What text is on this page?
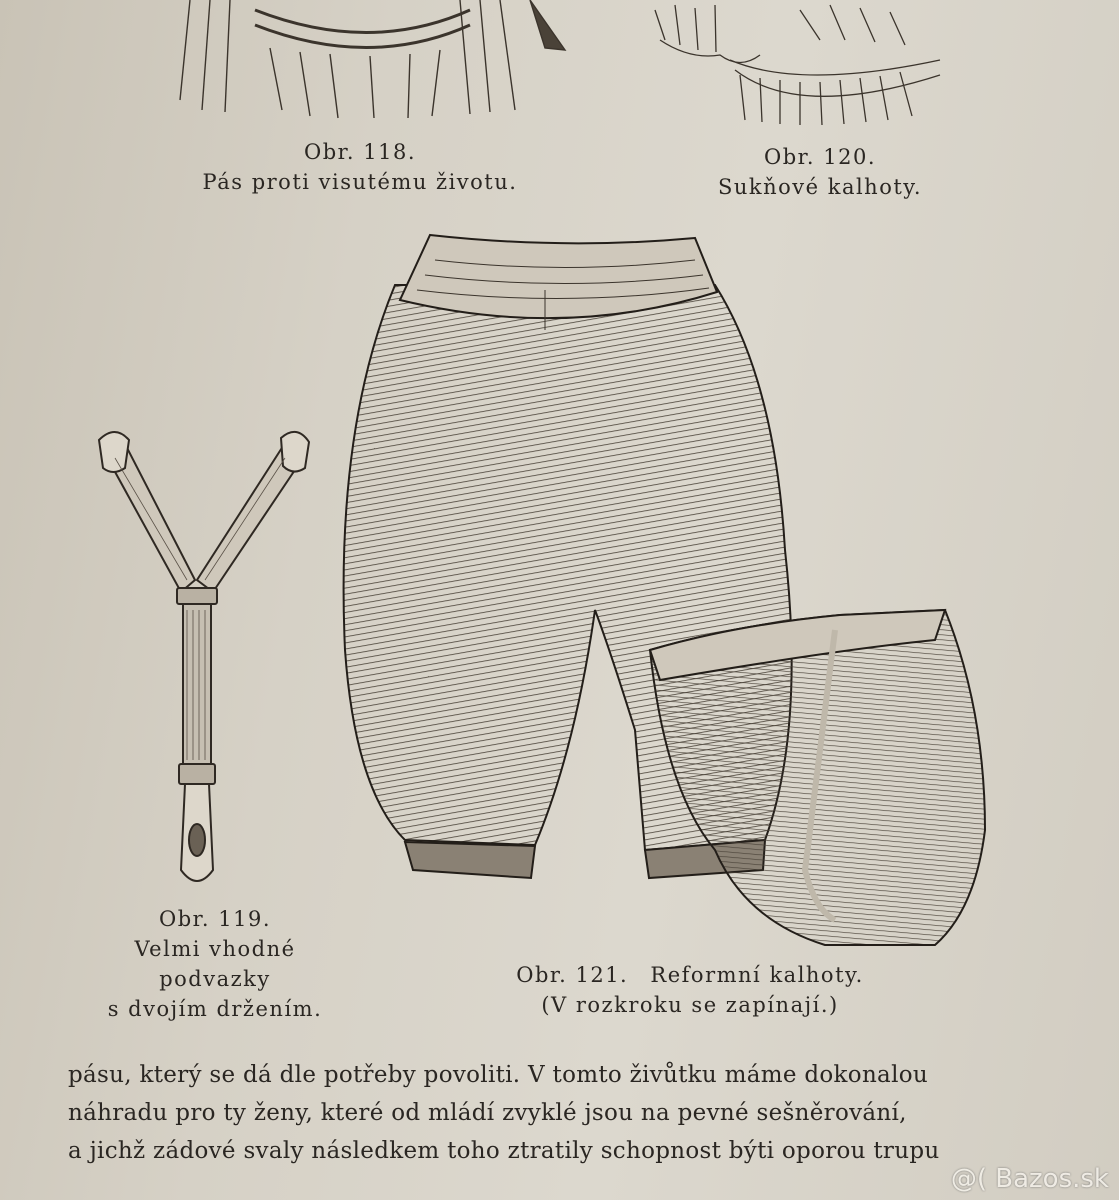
Obr. 118.
Pás proti visutému životu.
Obr. 120.
Sukňové kalhoty.
Obr. 119.
Velmi vhodné
podvazky
s dvojím držením.
Obr. 121. Reformní kalhoty.
(V rozkroku se zapínají.)
pásu, který se dá dle potřeby povoliti. V tomto živůtku máme dokonalou
náhradu pro ty ženy, které od mládí zvyklé jsou na pevné sešněrování,
a jichž zádové svaly následkem toho ztratily schopnost býti oporou trupu
@( Bazos.sk
